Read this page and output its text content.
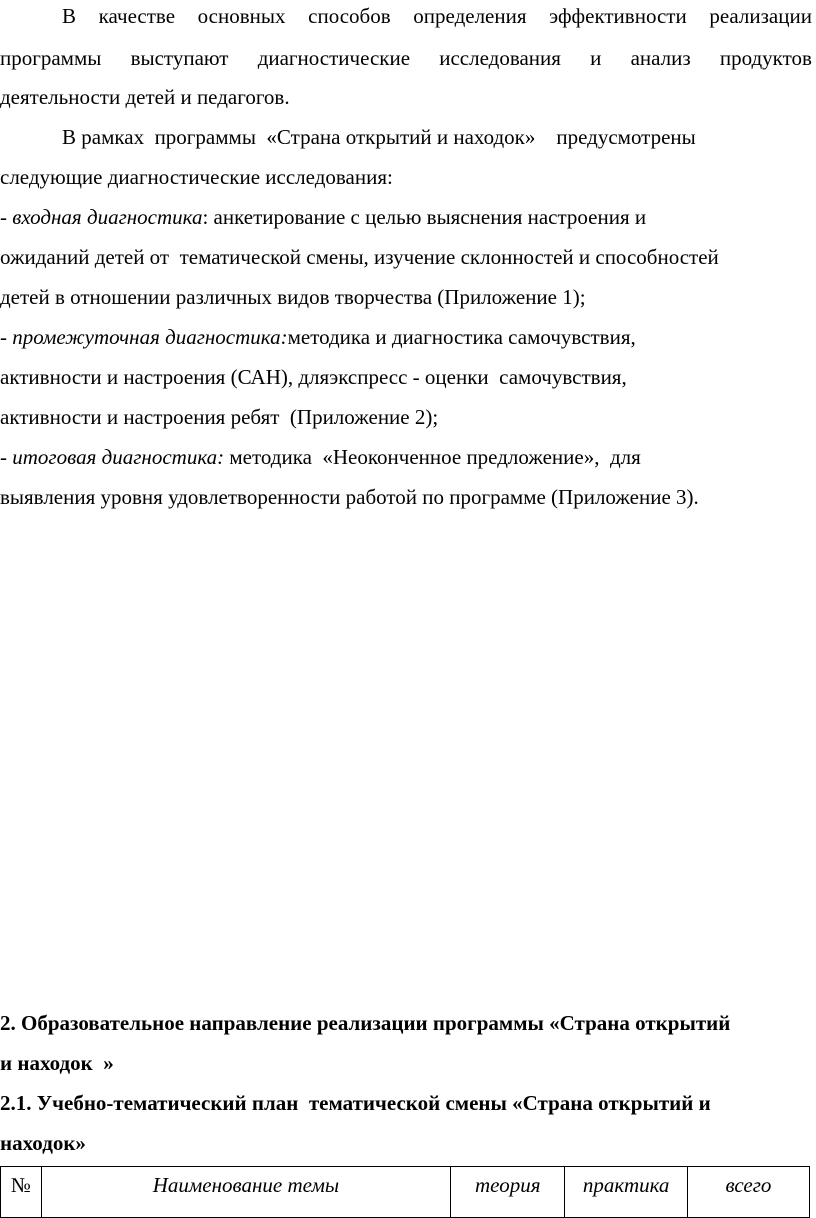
В качестве основных способов определения эффективности реализации
программы выступают диагностические исследования и анализ продуктов
деятельности детей и педагогов.
В рамках  программы  «Страна открытий и находок»    предусмотрены
следующие диагностические исследования:
- входная диагностика: анкетирование с целью выяснения настроения и
ожиданий детей от  тематической смены, изучение склонностей и способностей
детей в отношении различных видов творчества (Приложение 1);
- промежуточная диагностика:методика и диагностика самочувствия,
активности и настроения (САН), дляэкспресс - оценки  самочувствия,
активности и настроения ребят  (Приложение 2);
- итоговая диагностика: методика  «Неоконченное предложение»,  для
выявления уровня удовлетворенности работой по программе (Приложение 3).
2. Образовательное направление реализации программы «Страна открытий
и находок  »
2.1. Учебно-тематический план  тематической смены «Страна открытий и
находок»
№	Наименование темы	теория	практика	всего
